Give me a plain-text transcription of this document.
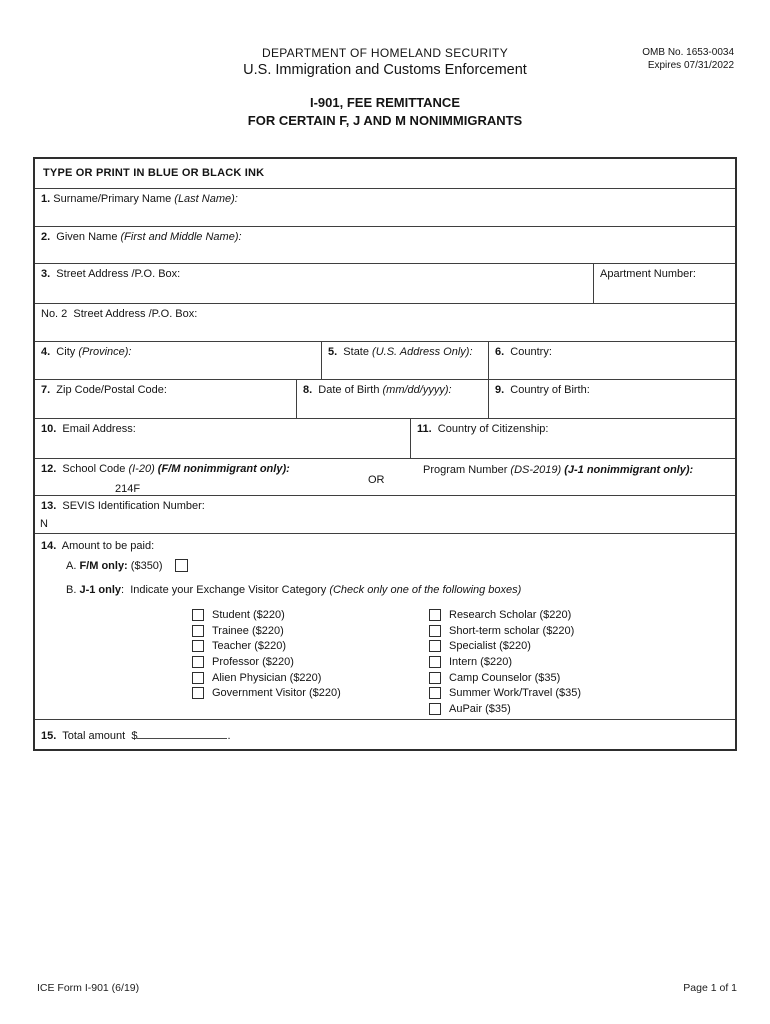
DEPARTMENT OF HOMELAND SECURITY
U.S. Immigration and Customs Enforcement
OMB No. 1653-0034
Expires 07/31/2022
I-901, FEE REMITTANCE
FOR CERTAIN F, J AND M NONIMMIGRANTS
TYPE OR PRINT IN BLUE OR BLACK INK
1. Surname/Primary Name (Last Name):
2.  Given Name (First and Middle Name):
3.  Street Address /P.O. Box:	Apartment Number:
No. 2  Street Address /P.O. Box:
4.  City (Province):	5.  State (U.S. Address Only):	6.  Country:
7.  Zip Code/Postal Code:	8.  Date of Birth (mm/dd/yyyy):	9.  Country of Birth:
10.  Email Address:	11.  Country of Citizenship:
12.  School Code (I-20) (F/M nonimmigrant only):
OR
Program Number (DS-2019) (J-1 nonimmigrant only):
214F
13.  SEVIS Identification Number:
N
14.  Amount to be paid:
A. F/M only: ($350)
B. J-1 only:  Indicate your Exchange Visitor Category (Check only one of the following boxes)
Student ($220)
Trainee ($220)
Teacher ($220)
Professor ($220)
Alien Physician ($220)
Government Visitor ($220)
Research Scholar ($220)
Short-term scholar ($220)
Specialist ($220)
Intern ($220)
Camp Counselor ($35)
Summer Work/Travel ($35)
AuPair ($35)
15.  Total amount  $	.
ICE Form I-901 (6/19)	Page 1 of 1
